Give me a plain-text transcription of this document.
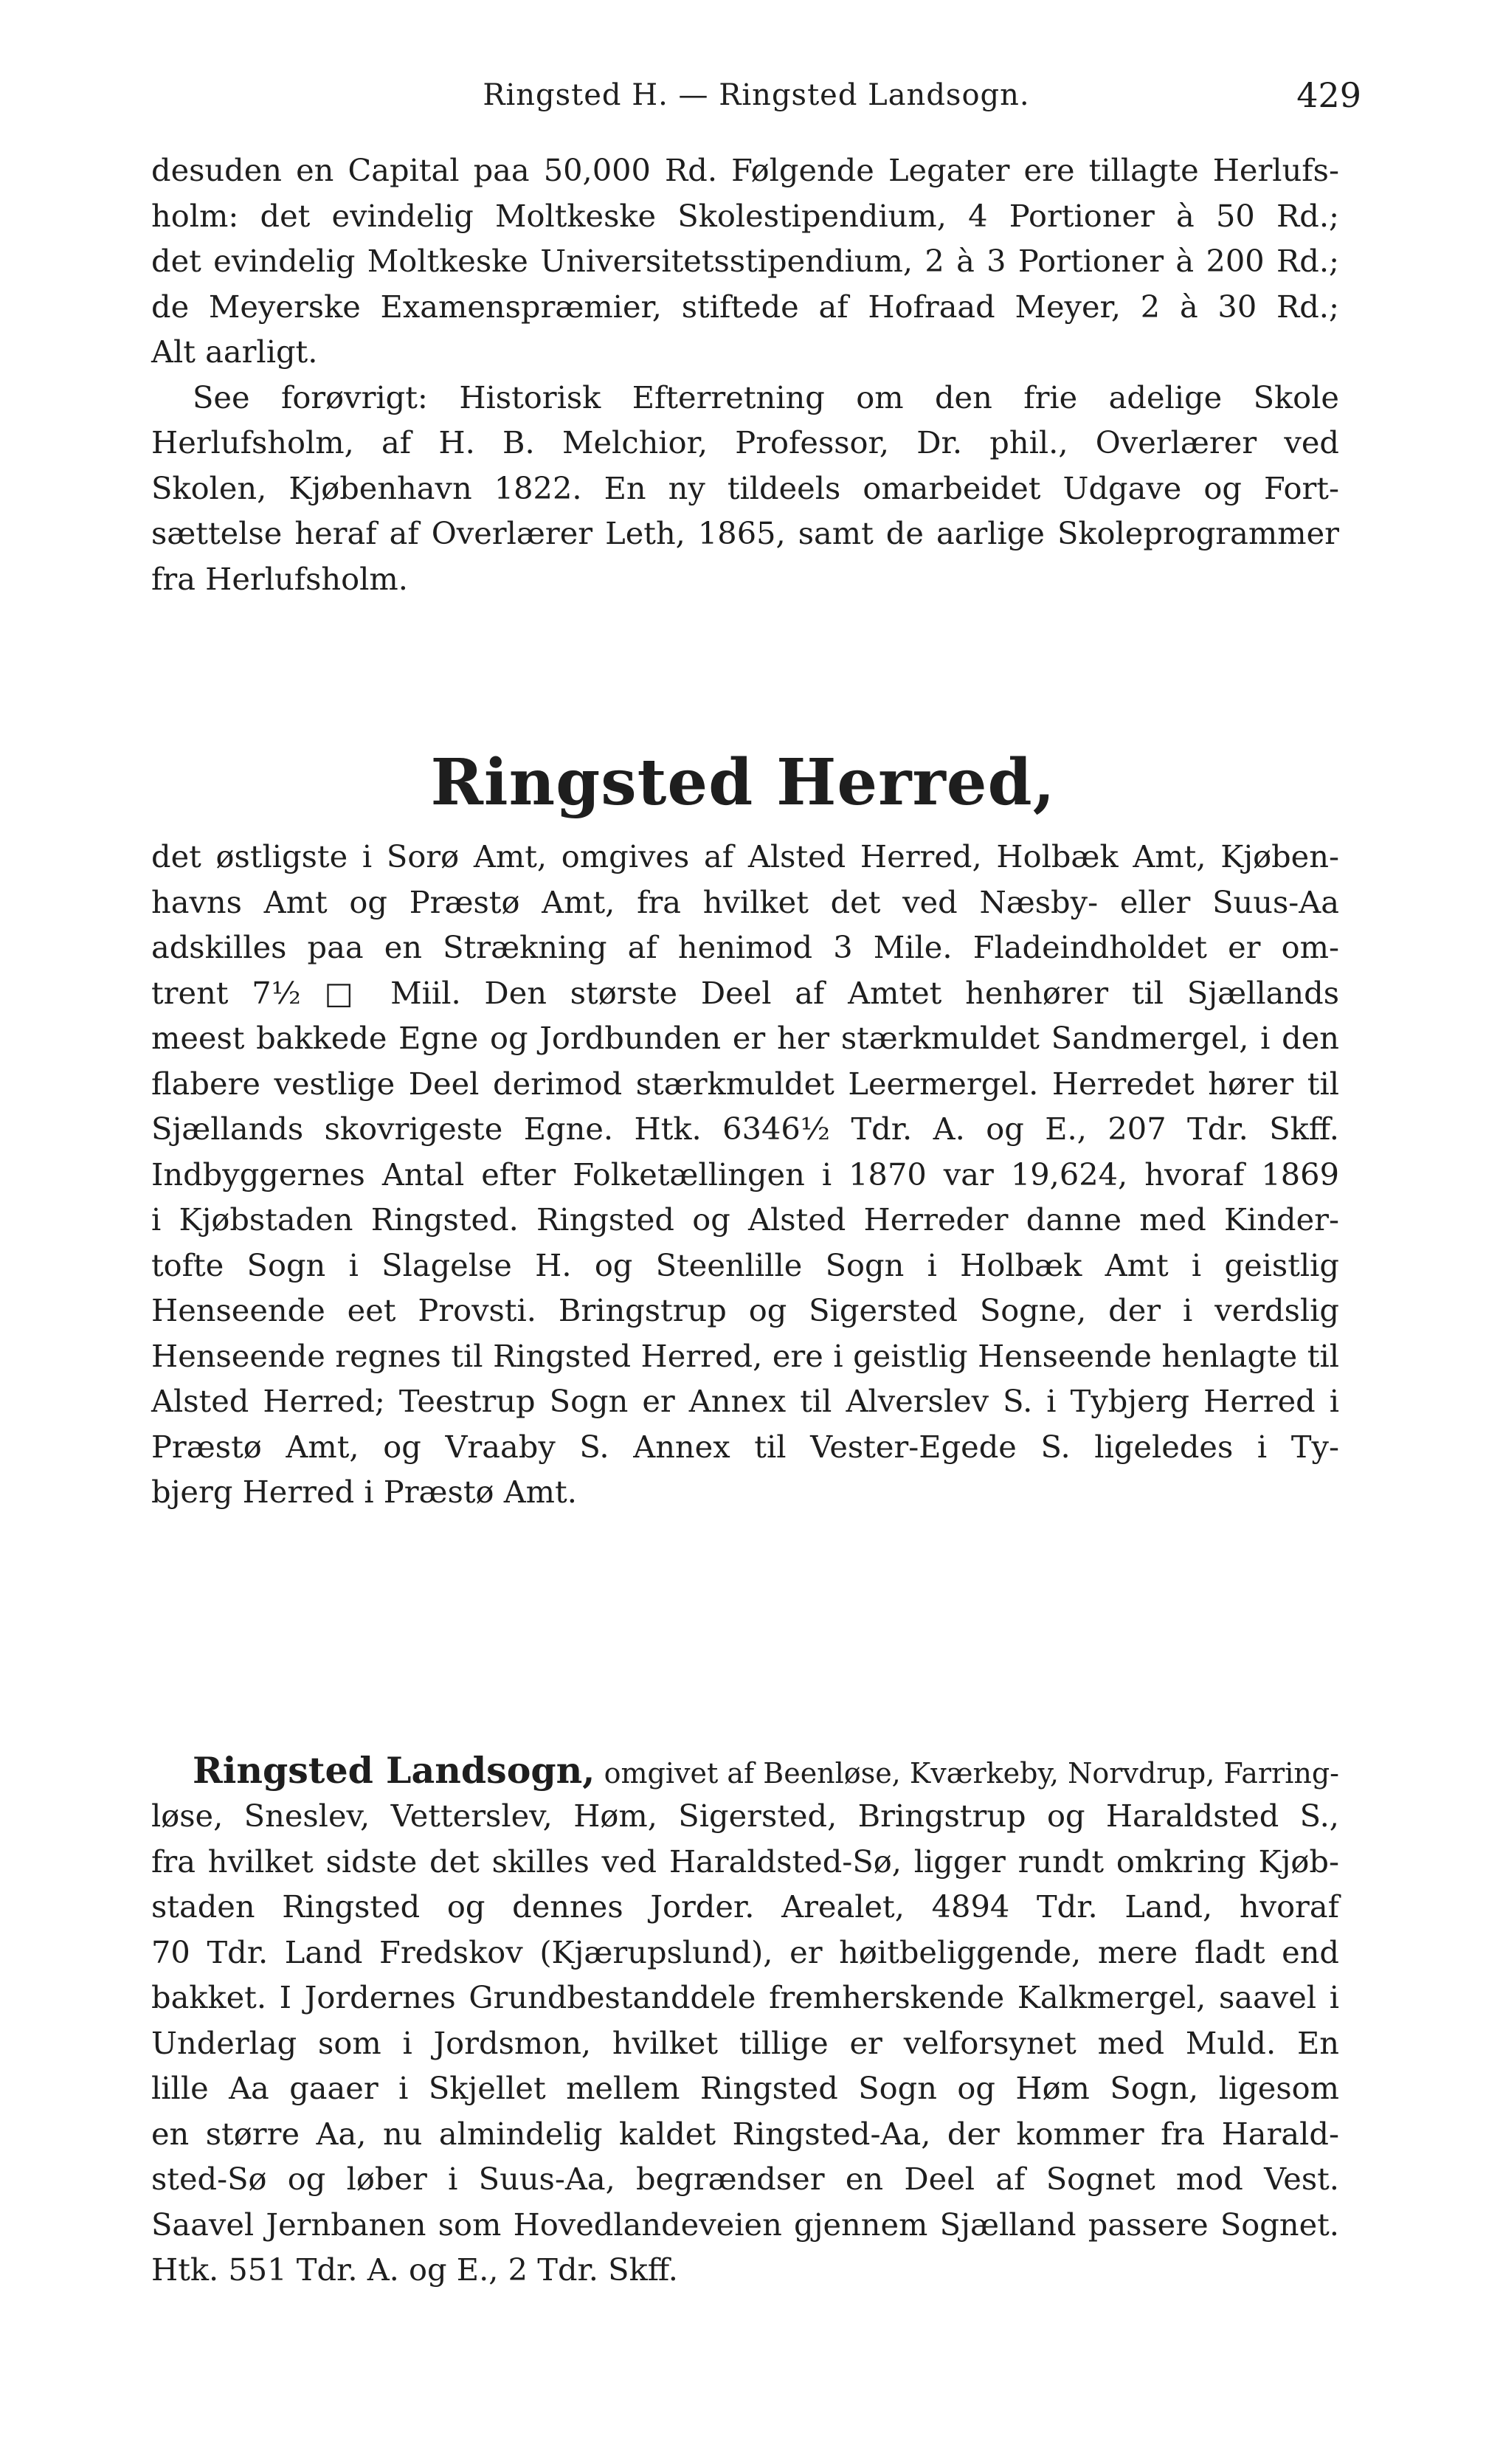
Ringsted H. — Ringsted Landsogn.	429
desuden en Capital paa 50,000 Rd. Følgende Legater ere tillagte Herlufs-
holm: det evindelig Moltkeske Skolestipendium, 4 Portioner à 50 Rd.;
det evindelig Moltkeske Universitetsstipendium, 2 à 3 Portioner à 200 Rd.;
de Meyerske Examenspræmier, stiftede af Hofraad Meyer, 2 à 30 Rd.;
Alt aarligt.
See forøvrigt: Historisk Efterretning om den frie adelige Skole
Herlufsholm, af H. B. Melchior, Professor, Dr. phil., Overlærer ved
Skolen, Kjøbenhavn 1822. En ny tildeels omarbeidet Udgave og Fort-
sættelse heraf af Overlærer Leth, 1865, samt de aarlige Skoleprogrammer
fra Herlufsholm.
Ringsted Herred,
det østligste i Sorø Amt, omgives af Alsted Herred, Holbæk Amt, Kjøben-
havns Amt og Præstø Amt, fra hvilket det ved Næsby- eller Suus-Aa
adskilles paa en Strækning af henimod 3 Mile. Fladeindholdet er om-
trent 7½ □ Miil. Den største Deel af Amtet henhører til Sjællands
meest bakkede Egne og Jordbunden er her stærkmuldet Sandmergel, i den
flabere vestlige Deel derimod stærkmuldet Leermergel. Herredet hører til
Sjællands skovrigeste Egne. Htk. 6346½ Tdr. A. og E., 207 Tdr. Skff.
Indbyggernes Antal efter Folketællingen i 1870 var 19,624, hvoraf 1869
i Kjøbstaden Ringsted. Ringsted og Alsted Herreder danne med Kinder-
tofte Sogn i Slagelse H. og Steenlille Sogn i Holbæk Amt i geistlig
Henseende eet Provsti. Bringstrup og Sigersted Sogne, der i verdslig
Henseende regnes til Ringsted Herred, ere i geistlig Henseende henlagte til
Alsted Herred; Teestrup Sogn er Annex til Alverslev S. i Tybjerg Herred i
Præstø Amt, og Vraaby S. Annex til Vester-Egede S. ligeledes i Ty-
bjerg Herred i Præstø Amt.
Ringsted Landsogn, omgivet af Beenløse, Kværkeby, Norvdrup, Farring-
løse, Sneslev, Vetterslev, Høm, Sigersted, Bringstrup og Haraldsted S.,
fra hvilket sidste det skilles ved Haraldsted-Sø, ligger rundt omkring Kjøb-
staden Ringsted og dennes Jorder. Arealet, 4894 Tdr. Land, hvoraf
70 Tdr. Land Fredskov (Kjærupslund), er høitbeliggende, mere fladt end
bakket. I Jordernes Grundbestanddele fremherskende Kalkmergel, saavel i
Underlag som i Jordsmon, hvilket tillige er velforsynet med Muld. En
lille Aa gaaer i Skjellet mellem Ringsted Sogn og Høm Sogn, ligesom
en større Aa, nu almindelig kaldet Ringsted-Aa, der kommer fra Harald-
sted-Sø og løber i Suus-Aa, begrændser en Deel af Sognet mod Vest.
Saavel Jernbanen som Hovedlandeveien gjennem Sjælland passere Sognet.
Htk. 551 Tdr. A. og E., 2 Tdr. Skff.
